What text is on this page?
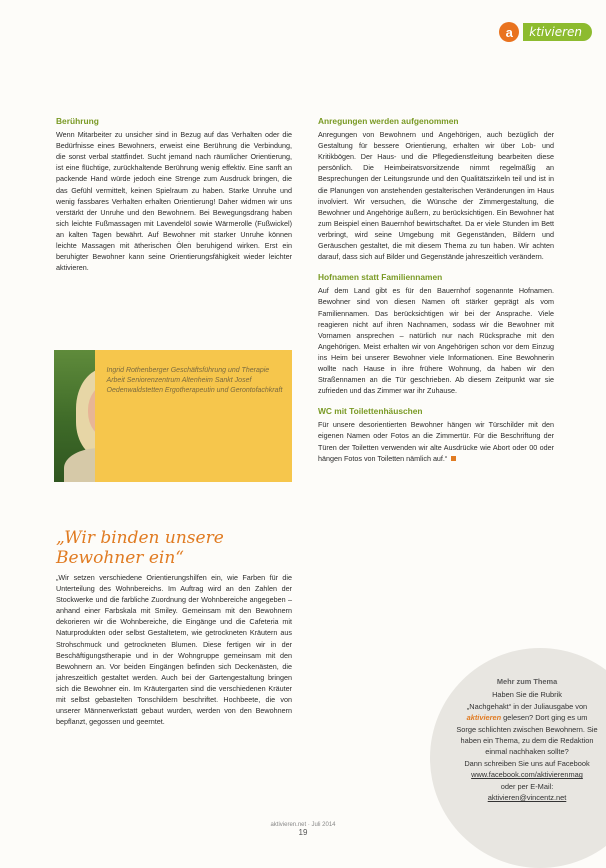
a	ktivieren
Berührung

Wenn Mitarbeiter zu unsicher sind in Bezug auf das Verhalten oder die Bedürfnisse eines Bewohners, erweist eine Berührung die Verbindung, die sonst verbal stattfindet. Sucht jemand nach räumlicher Orientierung, ist eine flüchtige, zurückhaltende Berührung wenig effektiv. Eine sanft an packende Hand würde jedoch eine Strenge zum Ausdruck bringen, die das Gefühl vermittelt, keinen Spielraum zu haben. Starke Unruhe und wenig fassbares Verhalten erhalten Orientierung! Daher widmen wir uns verstärkt der Unruhe und den Bewohnern. Bei Bewegungsdrang haben sich leichte Fußmassagen mit Lavendelöl sowie Wärmerolle (Fußwickel) an kalten Tagen bewährt. Auf Bewohner mit starker Unruhe können leichte Massagen mit ätherischen Ölen beruhigend wirken. Erst ein beruhigter Bewohner kann seine Orientierungsfähigkeit wieder leichter aktivieren.

Ingrid Rothenberger Geschäftsführung und Therapie Arbeit Seniorenzentrum Altenheim Sankt Josef Oedenwaldstetten Ergotherapeutin und Gerontofachkraft
„Wir binden unsere Bewohner ein“

„Wir setzen verschiedene Orientierungshilfen ein, wie Farben für die Unterteilung des Wohnbereichs. Im Auftrag wird an den Zahlen der Stockwerke und die farbliche Zuordnung der Wohnbereiche angegeben – anhand einer Farbskala mit Smiley. Gemeinsam mit den Bewohnern dekorieren wir die Wohnbereiche, die Eingänge und die Cafeteria mit Naturprodukten oder selbst Gestaltetem, wie getrockneten Kräutern aus Strohschmuck und getrockneten Blumen. Diese fertigen wir in der Beschäftigungstherapie und in der Wohngruppe gemeinsam mit den Bewohnern an. Vor beiden Eingängen befinden sich Deckenästen, die jahreszeitlich gestaltet werden. Auch bei der Gartengestaltung bringen sich die Bewohner ein. Im Kräutergarten sind die verschiedenen Kräuter mit selbst gebastelten Tonschildern beschriftet. Hochbeete, die von unserer Männerwerkstatt gebaut wurden, werden von den Bewohnern bepflanzt, gegossen und geerntet.

Anregungen werden aufgenommen

Anregungen von Bewohnern und Angehörigen, auch bezüglich der Gestaltung für bessere Orientierung, erhalten wir über Lob- und Kritikbögen. Der Haus- und die Pflegedienstleitung bearbeiten diese persönlich. Die Heimbeiratsvorsitzende nimmt regelmäßig an Besprechungen der Leitungsrunde und den Qualitätszirkeln teil und ist in die Planungen von anstehenden gestalterischen Veränderungen im Haus involviert. Wir versuchen, die Wünsche der Zimmergestaltung, die Bewohner und Angehörige äußern, zu berücksichtigen. Ein Bewohner hat zum Beispiel einen Bauernhof bewirtschaftet. Da er viele Stunden im Bett verbringt, wird seine Umgebung mit Gegenständen, Bildern und Geräuschen gestaltet, die mit diesem Thema zu tun haben. Wir achten darauf, dass sich auf Bilder und Gegenstände jahreszeitlich verändern.

Hofnamen statt Familiennamen

Auf dem Land gibt es für den Bauernhof sogenannte Hofnamen. Bewohner sind von diesen Namen oft stärker geprägt als vom Familiennamen. Das berücksichtigen wir bei der Ansprache. Viele reagieren nicht auf ihren Nachnamen, sodass wir die Bewohner mit Vornamen ansprechen – natürlich nur nach Rücksprache mit den Angehörigen. Meist erhalten wir von Angehörigen schon vor dem Einzug ins Heim bei unserer Bewohner viele Informationen. Eine Bewohnerin wollte nach Hause in ihre frühere Wohnung, da haben wir den Straßennamen an die Tür geschrieben. Ab diesem Zeitpunkt war sie zufrieden und das Zimmer war ihr Zuhause.

WC mit Toilettenhäuschen

Für unsere desorientierten Bewohner hängen wir Türschilder mit den eigenen Namen oder Fotos an die Zimmertür. Für die Beschriftung der Türen der Toiletten verwenden wir alte Ausdrücke wie Abort oder 00 oder hängen Fotos von Toiletten nämlich auf.“

Mehr zum Thema
Haben Sie die Rubrik
„Nachgehakt“ in der Juliausgabe von
aktivieren gelesen? Dort ging es um
Sorge schlichten zwischen Bewohnern. Sie haben ein Thema, zu dem die Redaktion einmal nachhaken sollte?
Dann schreiben Sie uns auf Facebook
www.facebook.com/aktivierenmag
oder per E-Mail:
aktivieren@vincentz.net
aktivieren.net · Juli 2014
19
